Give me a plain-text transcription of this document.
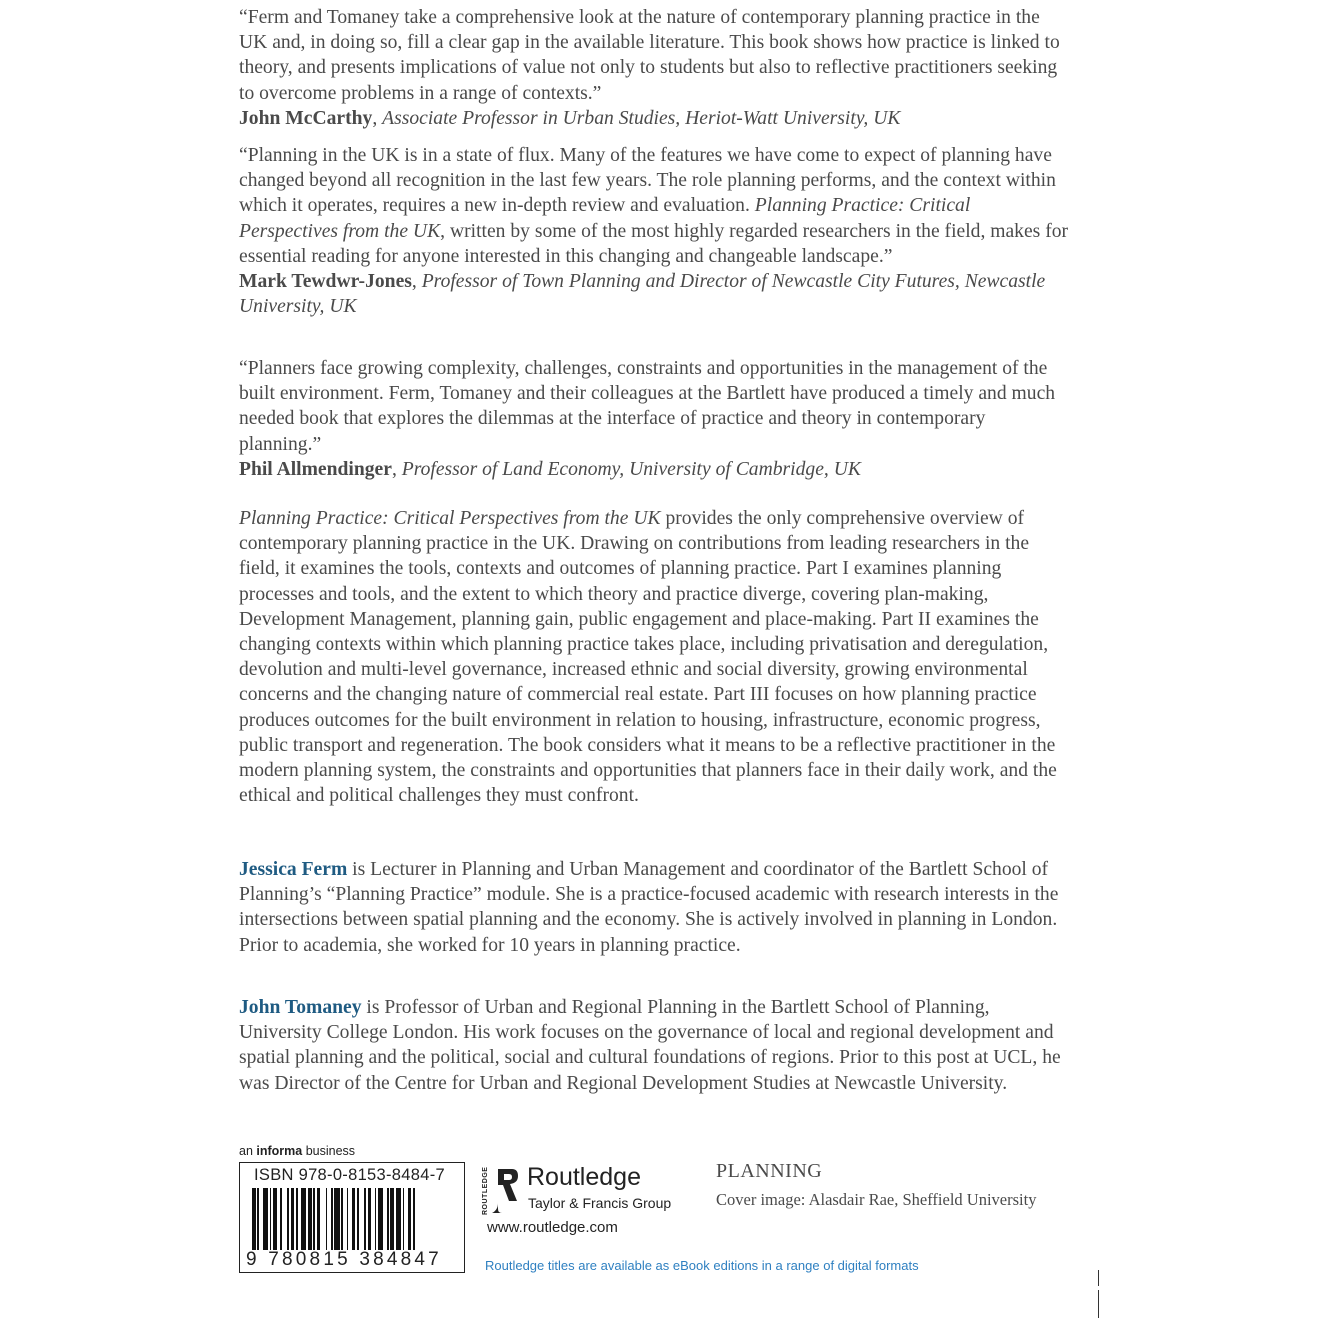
“Ferm and Tomaney take a comprehensive look at the nature of contemporary planning practice in the UK and, in doing so, fill a clear gap in the available literature. This book shows how practice is linked to theory, and presents implications of value not only to students but also to reflective practitioners seeking to overcome problems in a range of contexts.”

John McCarthy, Associate Professor in Urban Studies, Heriot-Watt University, UK

“Planning in the UK is in a state of flux. Many of the features we have come to expect of planning have changed beyond all recognition in the last few years. The role planning performs, and the context within which it operates, requires a new in-depth review and evaluation. Planning Practice: Critical Perspectives from the UK, written by some of the most highly regarded researchers in the field, makes for essential reading for anyone interested in this changing and changeable landscape.”

Mark Tewdwr-Jones, Professor of Town Planning and Director of Newcastle City Futures, Newcastle University, UK

“Planners face growing complexity, challenges, constraints and opportunities in the management of the built environment. Ferm, Tomaney and their colleagues at the Bartlett have produced a timely and much needed book that explores the dilemmas at the interface of practice and theory in contemporary planning.”

Phil Allmendinger, Professor of Land Economy, University of Cambridge, UK

Planning Practice: Critical Perspectives from the UK provides the only comprehensive overview of contemporary planning practice in the UK. Drawing on contributions from leading researchers in the field, it examines the tools, contexts and outcomes of planning practice. Part I examines planning processes and tools, and the extent to which theory and practice diverge, covering plan-making, Development Management, planning gain, public engagement and place-making. Part II examines the changing contexts within which planning practice takes place, including privatisation and deregulation, devolution and multi-level governance, increased ethnic and social diversity, growing environmental concerns and the changing nature of commercial real estate. Part III focuses on how planning practice produces outcomes for the built environment in relation to housing, infrastructure, economic progress, public transport and regeneration. The book considers what it means to be a reflective practitioner in the modern planning system, the constraints and opportunities that planners face in their daily work, and the ethical and political challenges they must confront.

Jessica Ferm is Lecturer in Planning and Urban Management and coordinator of the Bartlett School of Planning’s “Planning Practice” module. She is a practice-focused academic with research interests in the intersections between spatial planning and the economy. She is actively involved in planning in London. Prior to academia, she worked for 10 years in planning practice.

John Tomaney is Professor of Urban and Regional Planning in the Bartlett School of Planning, University College London. His work focuses on the governance of local and regional development and spatial planning and the political, social and cultural foundations of regions. Prior to this post at UCL, he was Director of the Centre for Urban and Regional Development Studies at Newcastle University.

an informa business
ISBN 978-0-8153-8484-7
9 780815 384847
ROUTLEDGE Routledge
Taylor & Francis Group
www.routledge.com
Routledge titles are available as eBook editions in a range of digital formats
PLANNING
Cover image: Alasdair Rae, Sheffield University
